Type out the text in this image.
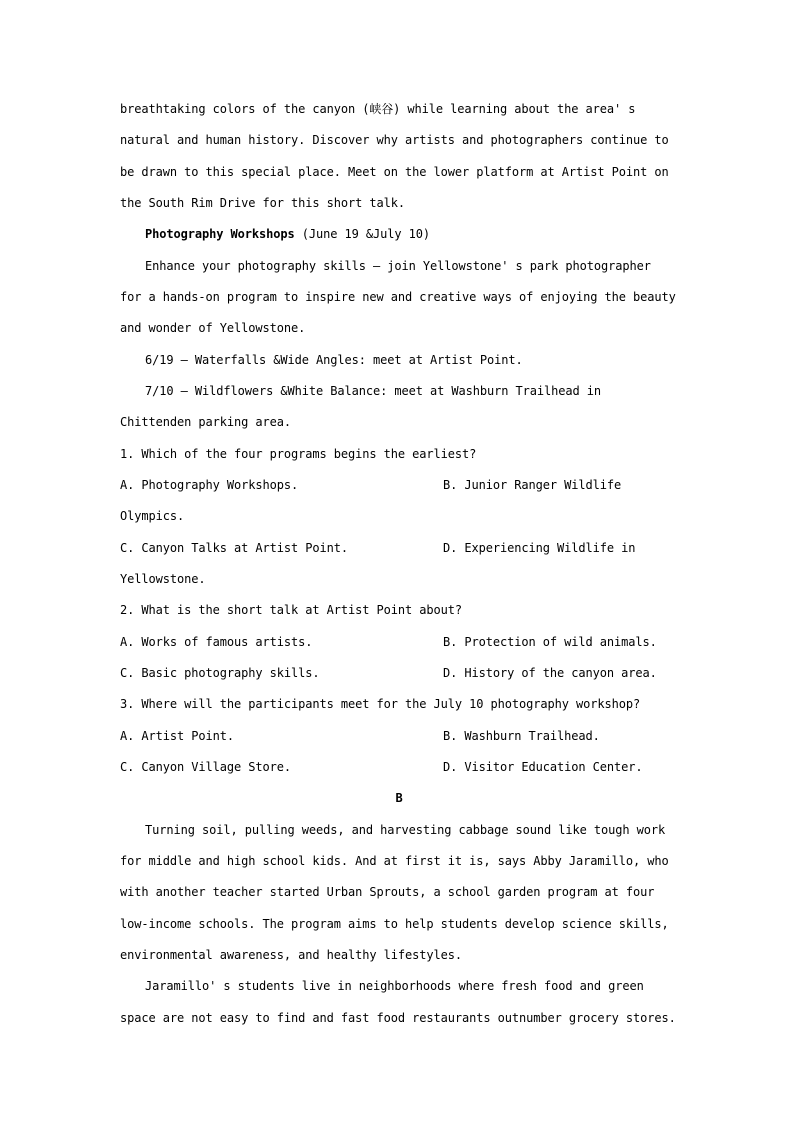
breathtaking colors of the canyon (峡谷) while learning about the area' s
natural and human history. Discover why artists and photographers continue to
be drawn to this special place. Meet on the lower platform at Artist Point on
the South Rim Drive for this short talk.
Photography Workshops (June 19 &July 10)
Enhance your photography skills — join Yellowstone' s park photographer
for a hands-on program to inspire new and creative ways of enjoying the beauty
and wonder of Yellowstone.
6/19 — Waterfalls &Wide Angles: meet at Artist Point.
7/10 — Wildflowers &White Balance: meet at Washburn Trailhead in
Chittenden parking area.
1. Which of the four programs begins the earliest?
A. Photography Workshops.	B. Junior Ranger Wildlife
Olympics.
C. Canyon Talks at Artist Point.	D. Experiencing Wildlife in
Yellowstone.
2. What is the short talk at Artist Point about?
A. Works of famous artists.	B. Protection of wild animals.
C. Basic photography skills.	D. History of the canyon area.
3. Where will the participants meet for the July 10 photography workshop?
A. Artist Point.	B. Washburn Trailhead.
C. Canyon Village Store.	D. Visitor Education Center.
B
Turning soil, pulling weeds, and harvesting cabbage sound like tough work
for middle and high school kids. And at first it is, says Abby Jaramillo, who
with another teacher started Urban Sprouts, a school garden program at four
low-income schools. The program aims to help students develop science skills,
environmental awareness, and healthy lifestyles.
Jaramillo' s students live in neighborhoods where fresh food and green
space are not easy to find and fast food restaurants outnumber grocery stores.
